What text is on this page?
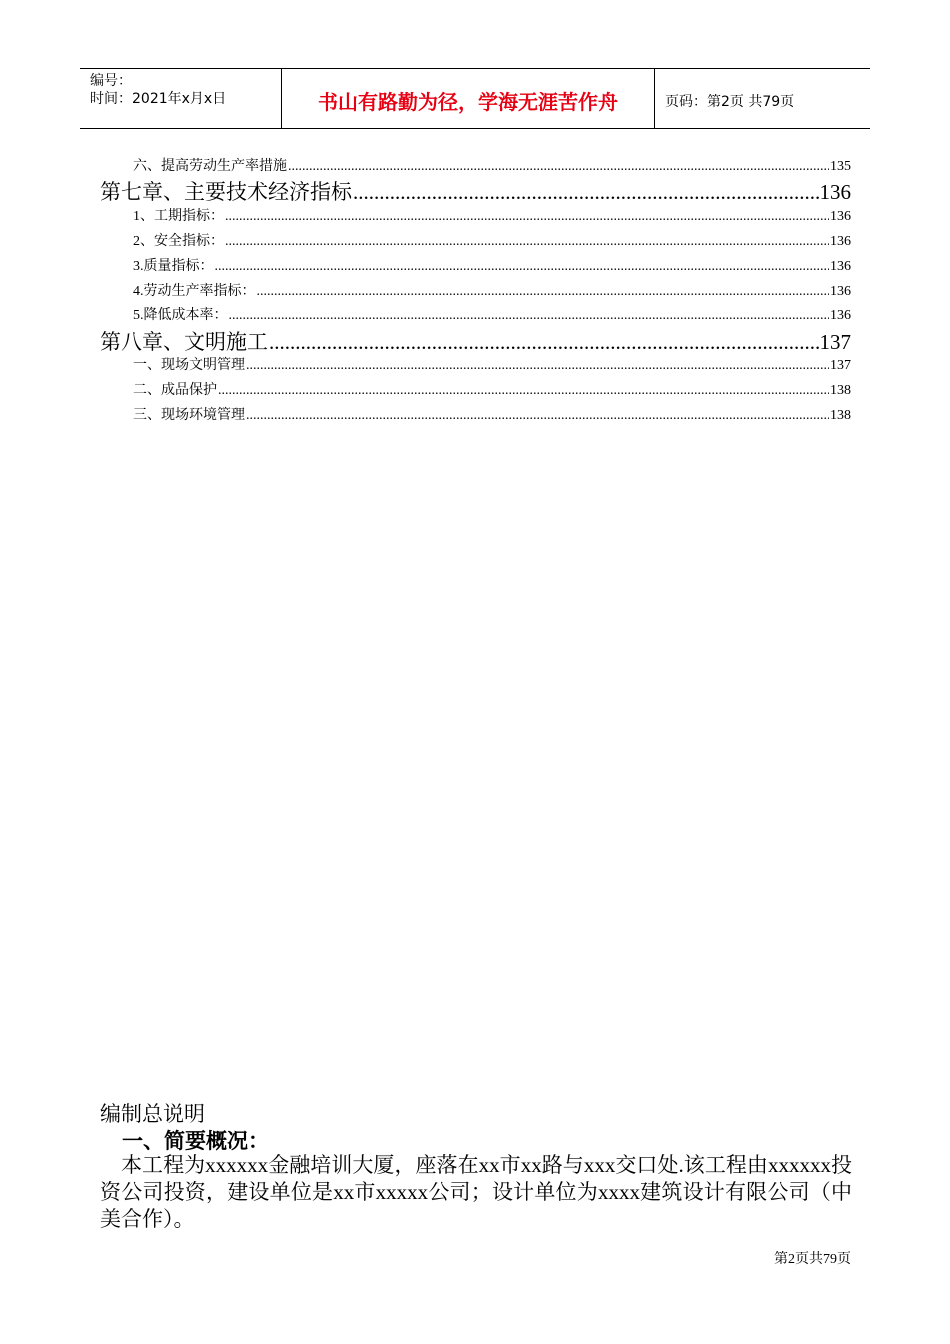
编号：
时间：2021年x月x日	书山有路勤为径，学海无涯苦作舟	页码：第2页 共79页
六、提高劳动生产率措施 .....	135
第七章、主要技术经济指标 .....	136
1、工期指标： .....	136
2、安全指标： .....	136
3.质量指标： .....	136
4.劳动生产率指标： .....	136
5.降低成本率： .....	136
第八章、文明施工 .....	137
一、现场文明管理 .....	137
二、成品保护 .....	138
三、现场环境管理 .....	138
编制总说明
一、简要概况：
本工程为xxxxxx金融培训大厦，座落在xx市xx路与xxx交口处.该工程由xxxxxx投资公司投资，建设单位是xx市xxxxx公司；设计单位为xxxx建筑设计有限公司（中美合作）。
第2页共79页
